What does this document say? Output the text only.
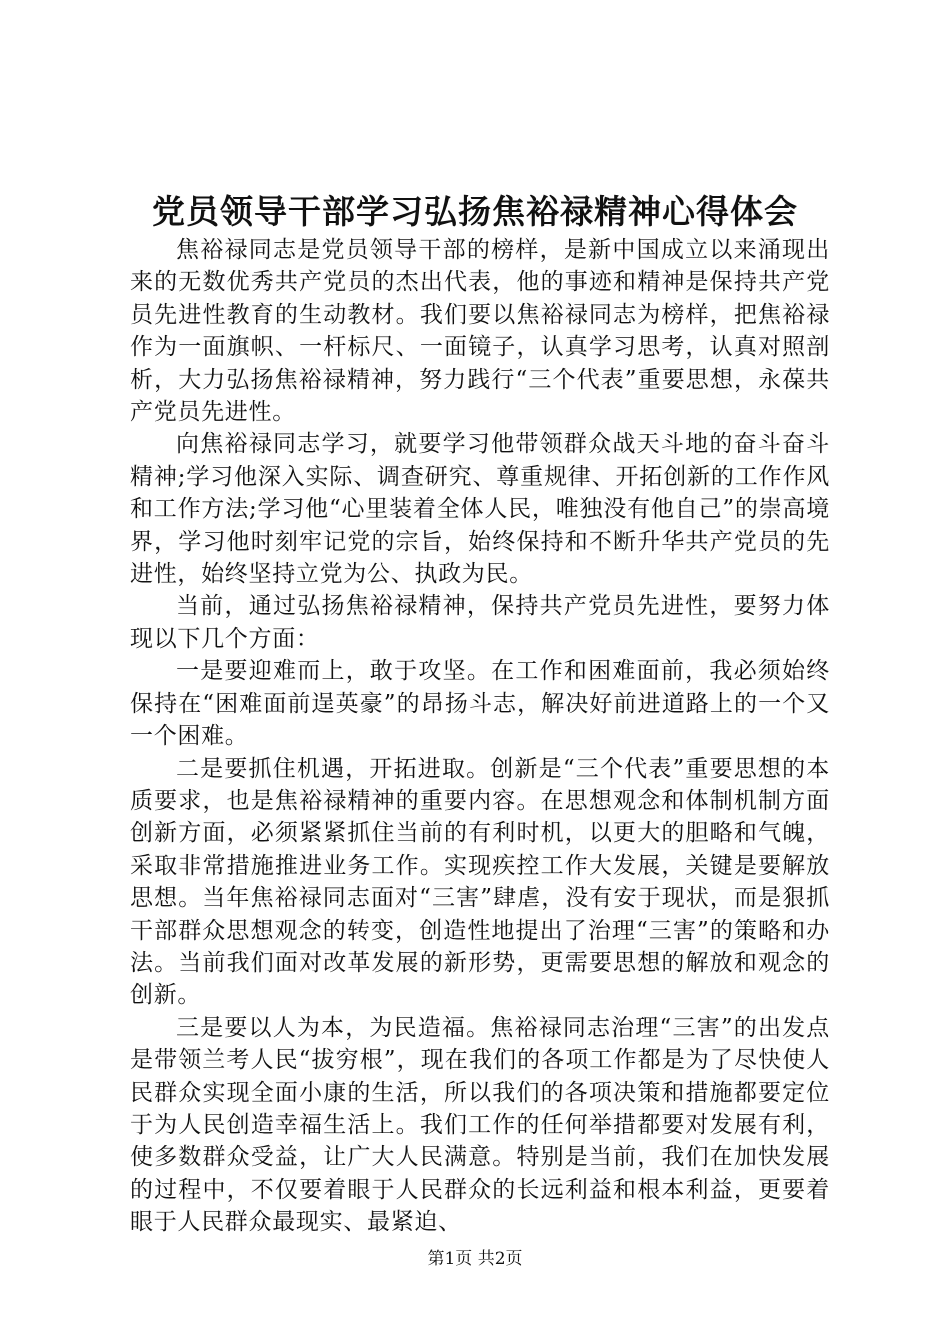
党员领导干部学习弘扬焦裕禄精神心得体会

焦裕禄同志是党员领导干部的榜样，是新中国成立以来涌现出来的无数优秀共产党员的杰出代表，他的事迹和精神是保持共产党员先进性教育的生动教材。我们要以焦裕禄同志为榜样，把焦裕禄作为一面旗帜、一杆标尺、一面镜子，认真学习思考，认真对照剖析，大力弘扬焦裕禄精神，努力践行“三个代表”重要思想，永葆共产党员先进性。

向焦裕禄同志学习，就要学习他带领群众战天斗地的奋斗奋斗精神;学习他深入实际、调查研究、尊重规律、开拓创新的工作作风和工作方法;学习他“心里装着全体人民，唯独没有他自己”的崇高境界，学习他时刻牢记党的宗旨，始终保持和不断升华共产党员的先进性，始终坚持立党为公、执政为民。

当前，通过弘扬焦裕禄精神，保持共产党员先进性，要努力体现以下几个方面：

一是要迎难而上，敢于攻坚。在工作和困难面前，我必须始终保持在“困难面前逞英豪”的昂扬斗志，解决好前进道路上的一个又一个困难。

二是要抓住机遇，开拓进取。创新是“三个代表”重要思想的本质要求，也是焦裕禄精神的重要内容。在思想观念和体制机制方面创新方面，必须紧紧抓住当前的有利时机，以更大的胆略和气魄，采取非常措施推进业务工作。实现疾控工作大发展，关键是要解放思想。当年焦裕禄同志面对“三害”肆虐，没有安于现状，而是狠抓干部群众思想观念的转变，创造性地提出了治理“三害”的策略和办法。当前我们面对改革发展的新形势，更需要思想的解放和观念的创新。

三是要以人为本，为民造福。焦裕禄同志治理“三害”的出发点是带领兰考人民“拔穷根”，现在我们的各项工作都是为了尽快使人民群众实现全面小康的生活，所以我们的各项决策和措施都要定位于为人民创造幸福生活上。我们工作的任何举措都要对发展有利，使多数群众受益，让广大人民满意。特别是当前，我们在加快发展的过程中，不仅要着眼于人民群众的长远利益和根本利益，更要着眼于人民群众最现实、最紧迫、

第1页 共2页
